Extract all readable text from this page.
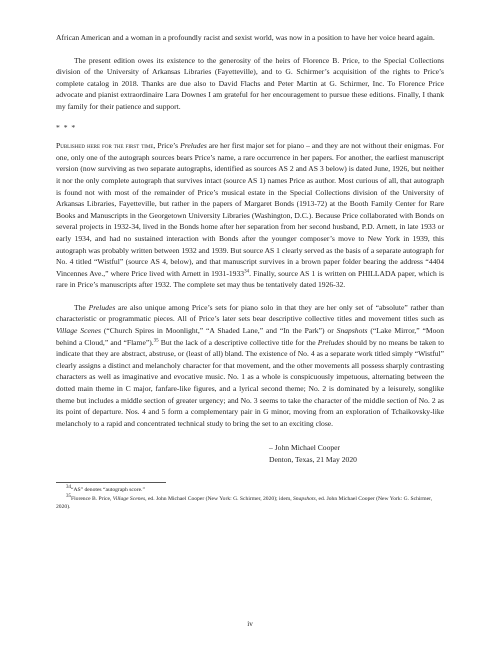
African American and a woman in a profoundly racist and sexist world, was now in a position to have her voice heard again.

The present edition owes its existence to the generosity of the heirs of Florence B. Price, to the Special Collections division of the University of Arkansas Libraries (Fayetteville), and to G. Schirmer’s acquisition of the rights to Price’s complete catalog in 2018. Thanks are due also to David Flachs and Peter Martin at G. Schirmer, Inc. To Florence Price advocate and pianist extraordinaire Lara Downes I am grateful for her encouragement to pursue these editions. Finally, I thank my family for their patience and support.

* * *

Published here for the first time, Price’s Preludes are her first major set for piano – and they are not without their enigmas. For one, only one of the autograph sources bears Price’s name, a rare occurrence in her papers. For another, the earliest manuscript version (now surviving as two separate autographs, identified as sources AS 2 and AS 3 below) is dated June, 1926, but neither it nor the only complete autograph that survives intact (source AS 1) names Price as author. Most curious of all, that autograph is found not with most of the remainder of Price’s musical estate in the Special Collections division of the University of Arkansas Libraries, Fayetteville, but rather in the papers of Margaret Bonds (1913-72) at the Booth Family Center for Rare Books and Manuscripts in the Georgetown University Libraries (Washington, D.C.). Because Price collaborated with Bonds on several projects in 1932-34, lived in the Bonds home after her separation from her second husband, P.D. Arnett, in late 1933 or early 1934, and had no sustained interaction with Bonds after the younger composer’s move to New York in 1939, this autograph was probably written between 1932 and 1939. But source AS 1 clearly served as the basis of a separate autograph for No. 4 titled “Wistful” (source AS 4, below), and that manuscript survives in a brown paper folder bearing the address “4404 Vincennes Ave.,” where Price lived with Arnett in 1931-1933$^{34}$. Finally, source AS 1 is written on PHILLADA paper, which is rare in Price’s manuscripts after 1932. The complete set may thus be tentatively dated 1926-32.

The Preludes are also unique among Price’s sets for piano solo in that they are her only set of “absolute” rather than characteristic or programmatic pieces. All of Price’s later sets bear descriptive collective titles and movement titles such as Village Scenes (“Church Spires in Moonlight,” “A Shaded Lane,” and “In the Park”) or Snapshots (“Lake Mirror,” “Moon behind a Cloud,” and “Flame”).$^{35}$ But the lack of a descriptive collective title for the Preludes should by no means be taken to indicate that they are abstract, abstruse, or (least of all) bland. The existence of No. 4 as a separate work titled simply “Wistful” clearly assigns a distinct and melancholy character for that movement, and the other movements all possess sharply contrasting characters as well as imaginative and evocative music. No. 1 as a whole is conspicuously impetuous, alternating between the dotted main theme in C major, fanfare-like figures, and a lyrical second theme; No. 2 is dominated by a leisurely, songlike theme but includes a middle section of greater urgency; and No. 3 seems to take the character of the middle section of No. 2 as its point of departure. Nos. 4 and 5 form a complementary pair in G minor, moving from an exploration of Tchaikovsky-like melancholy to a rapid and concentrated technical study to bring the set to an exciting close.

– John Michael Cooper

Denton, Texas, 21 May 2020

$^{34}$“AS” denotes “autograph score.”

$^{35}$Florence B. Price, Village Scenes, ed. John Michael Cooper (New York: G. Schirmer, 2020); idem, Snapshots, ed. John Michael Cooper (New York: G. Schirmer, 2020).

iv
